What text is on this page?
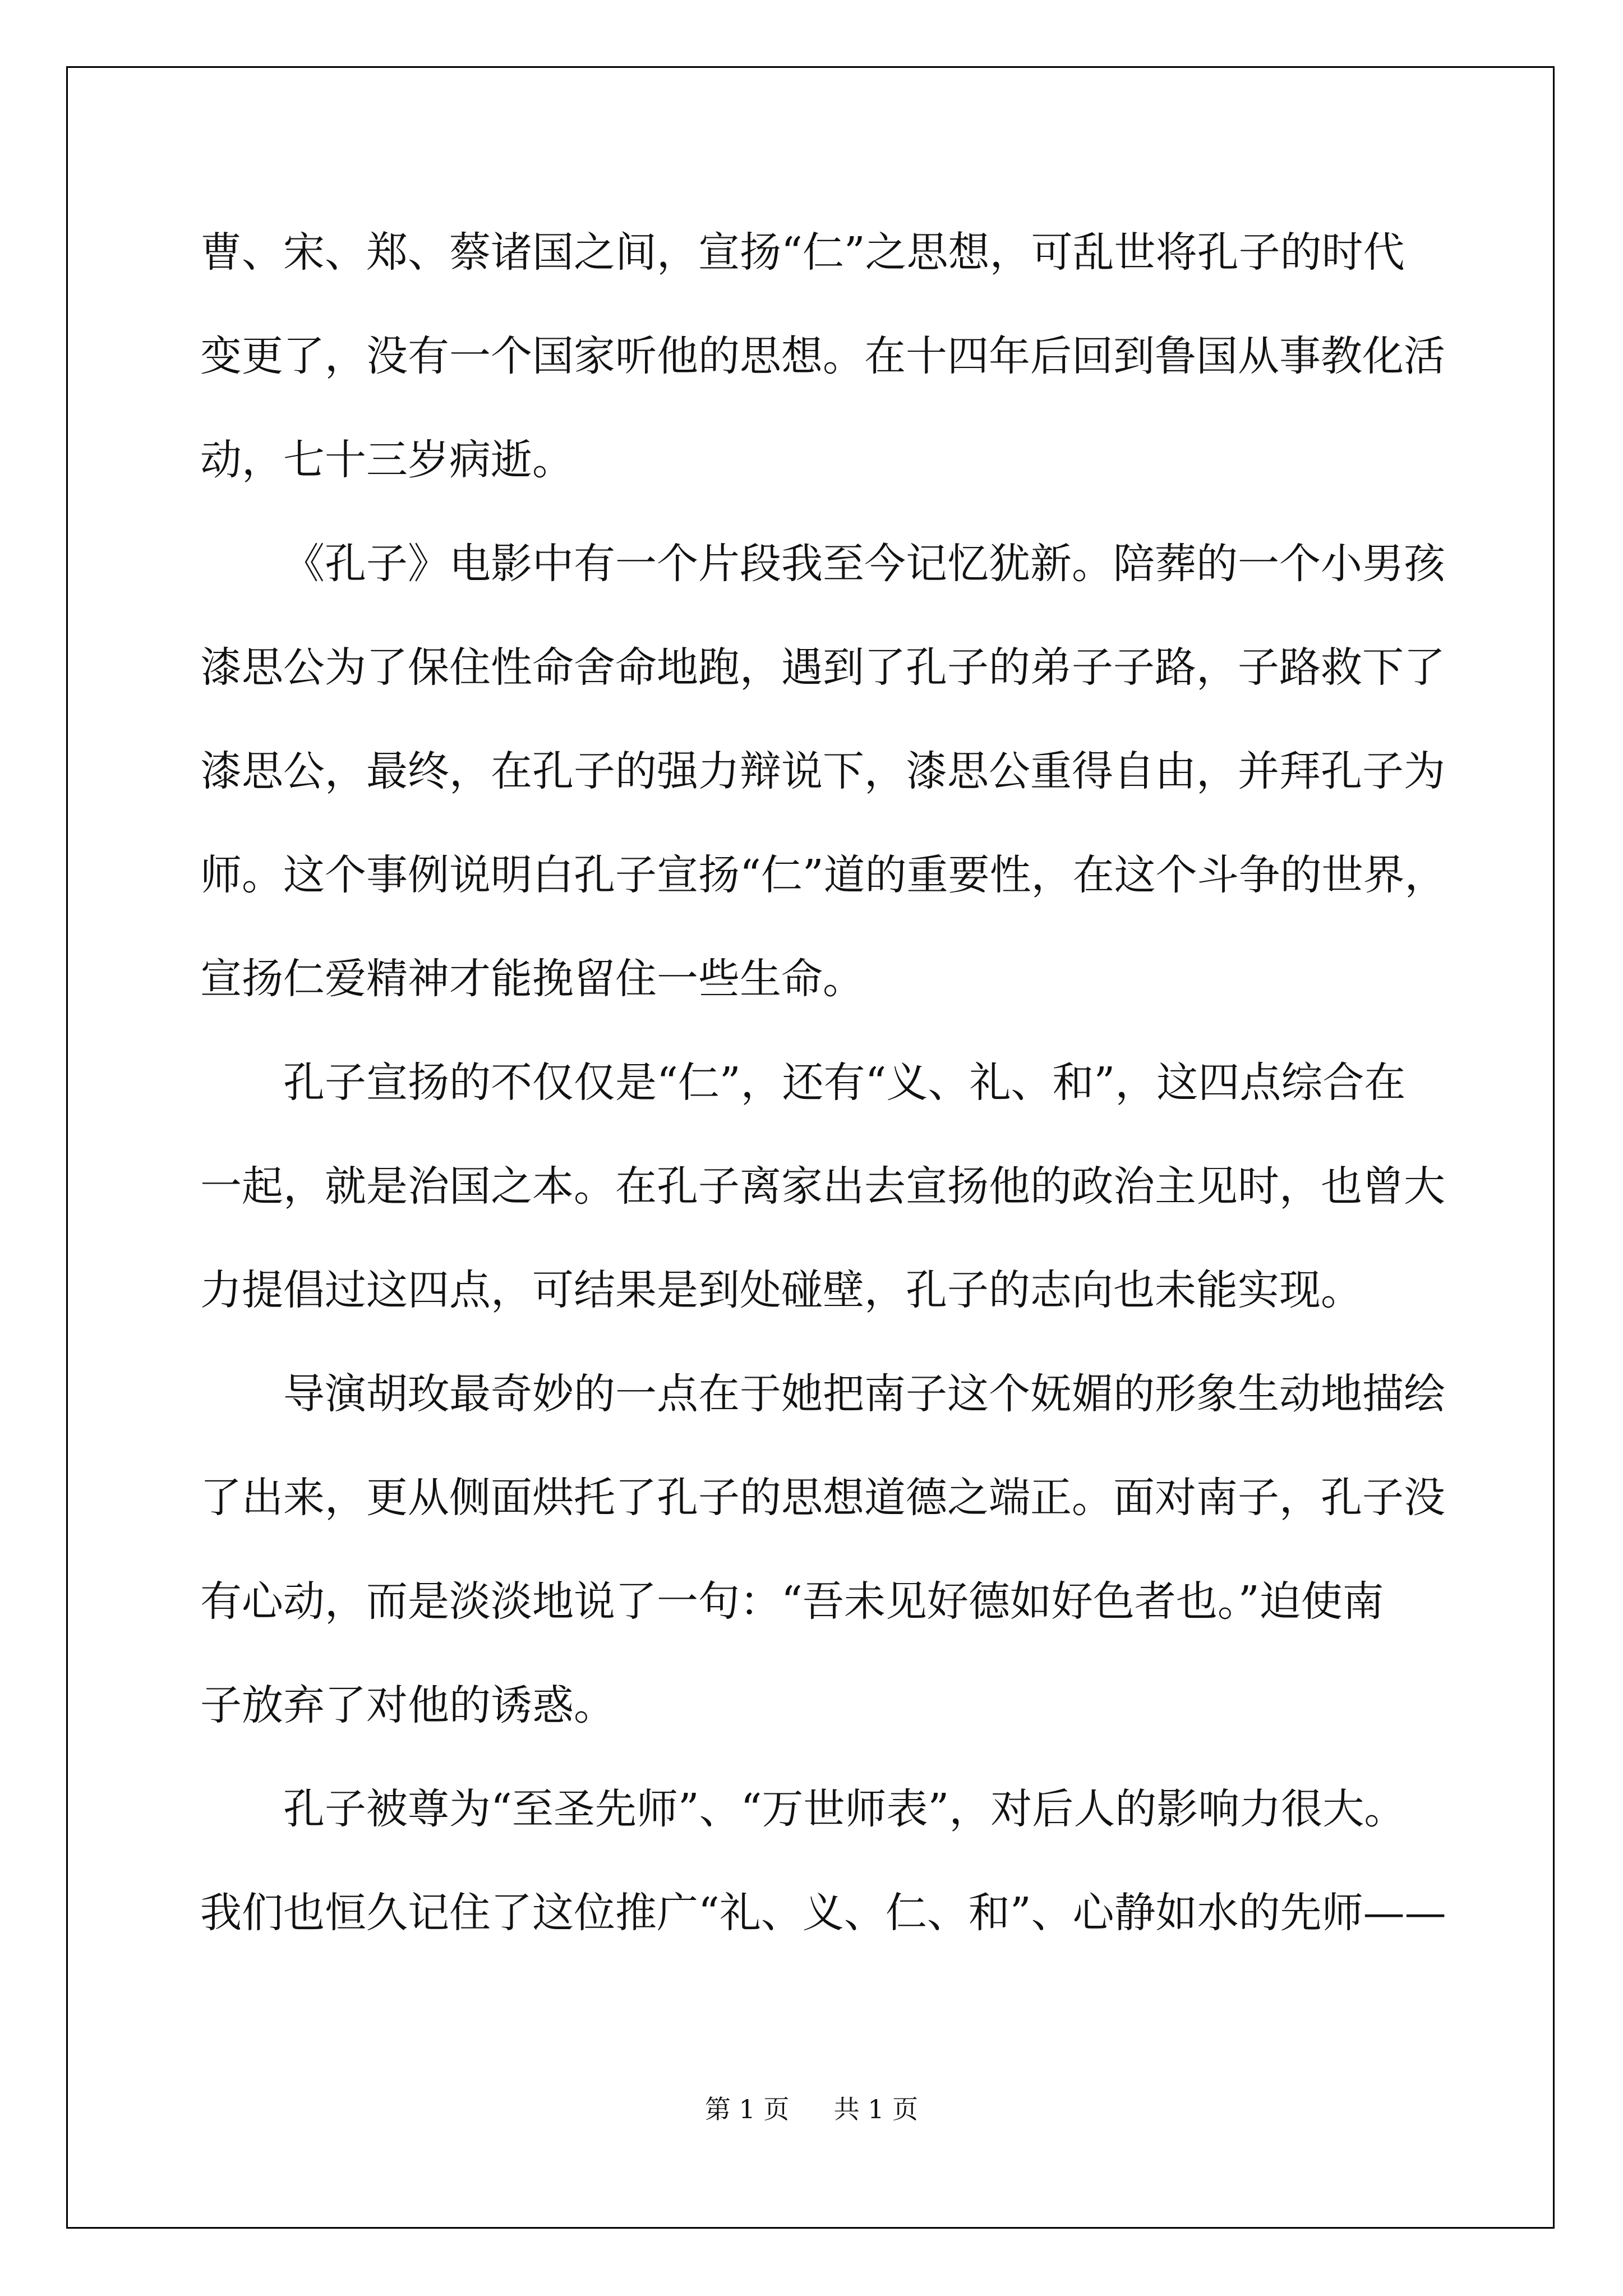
曹、宋、郑、蔡诸国之间，宣扬“仁”之思想，可乱世将孔子的时代

变更了，没有一个国家听他的思想。在十四年后回到鲁国从事教化活

动，七十三岁病逝。

《孔子》电影中有一个片段我至今记忆犹新。陪葬的一个小男孩

漆思公为了保住性命舍命地跑，遇到了孔子的弟子子路，子路救下了

漆思公，最终，在孔子的强力辩说下，漆思公重得自由，并拜孔子为

师。这个事例说明白孔子宣扬“仁”道的重要性，在这个斗争的世界，

宣扬仁爱精神才能挽留住一些生命。

孔子宣扬的不仅仅是“仁”，还有“义、礼、和”，这四点综合在

一起，就是治国之本。在孔子离家出去宣扬他的政治主见时，也曾大

力提倡过这四点，可结果是到处碰壁，孔子的志向也未能实现。

导演胡玫最奇妙的一点在于她把南子这个妩媚的形象生动地描绘

了出来，更从侧面烘托了孔子的思想道德之端正。面对南子，孔子没

有心动，而是淡淡地说了一句：“吾未见好德如好色者也。”迫使南

子放弃了对他的诱惑。

孔子被尊为“至圣先师”、“万世师表”，对后人的影响力很大。

我们也恒久记住了这位推广“礼、义、仁、和”、心静如水的先师——

第 1 页 共 1 页
